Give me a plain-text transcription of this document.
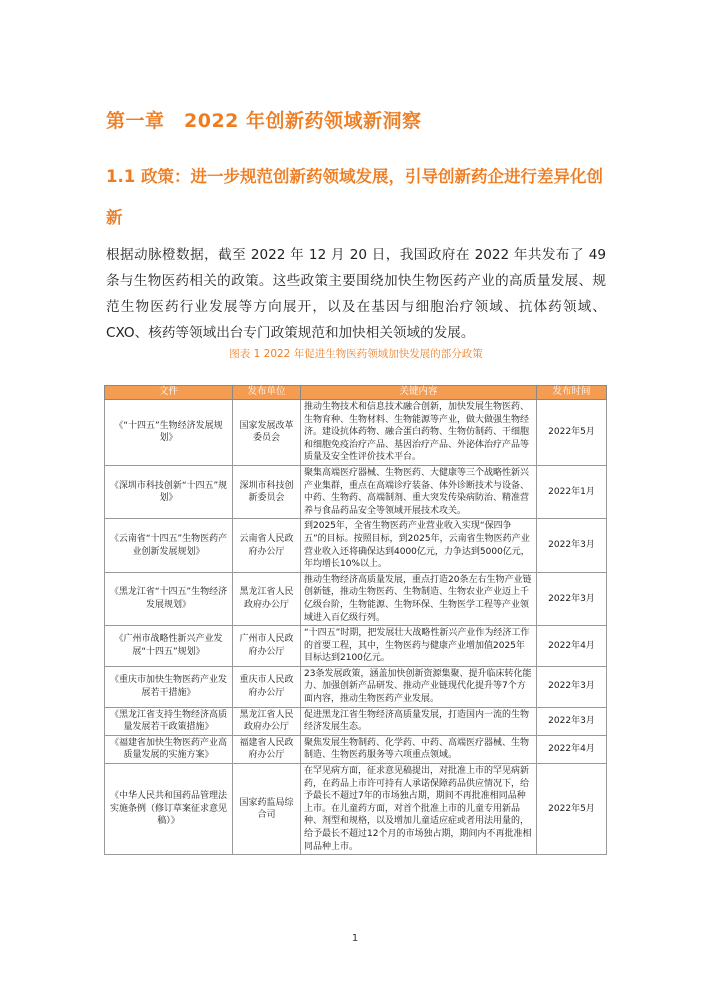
第一章　2022 年创新药领域新洞察
1.1 政策：进一步规范创新药领域发展，引导创新药企进行差异化创新
根据动脉橙数据，截至 2022 年 12 月 20 日，我国政府在 2022 年共发布了 49 条与生物医药相关的政策。这些政策主要围绕加快生物医药产业的高质量发展、规范生物医药行业发展等方向展开，以及在基因与细胞治疗领域、抗体药领域、CXO、核药等领域出台专门政策规范和加快相关领域的发展。
图表 1 2022 年促进生物医药领域加快发展的部分政策
文件	发布单位	关键内容	发布时间
《“十四五”生物经济发展规划》	国家发展改革委员会	推动生物技术和信息技术融合创新，加快发展生物医药、生物育种、生物材料、生物能源等产业，做大做强生物经济。建设抗体药物、融合蛋白药物、生物仿制药、干细胞和细胞免疫治疗产品、基因治疗产品、外泌体治疗产品等质量及安全性评价技术平台。	2022年5月
《深圳市科技创新“十四五”规划》	深圳市科技创新委员会	聚集高端医疗器械、生物医药、大健康等三个战略性新兴产业集群，重点在高端诊疗装备、体外诊断技术与设备、中药、生物药、高端制剂、重大突发传染病防治、精准营养与食品药品安全等领域开展技术攻关。	2022年1月
《云南省“十四五”生物医药产业创新发展规划》	云南省人民政府办公厅	到2025年，全省生物医药产业营业收入实现“保四争五”的目标。按照目标，到2025年，云南省生物医药产业营业收入还将确保达到4000亿元，力争达到5000亿元，年均增长10%以上。	2022年3月
《黑龙江省“十四五”生物经济发展规划》	黑龙江省人民政府办公厅	推动生物经济高质量发展，重点打造20条左右生物产业链创新链，推动生物医药、生物制造、生物农业产业迈上千亿级台阶，生物能源、生物环保、生物医学工程等产业领域进入百亿级行列。	2022年3月
《广州市战略性新兴产业发展“十四五”规划》	广州市人民政府办公厅	“十四五”时期，把发展壮大战略性新兴产业作为经济工作的首要工程，其中，生物医药与健康产业增加值2025年目标达到2100亿元。	2022年4月
《重庆市加快生物医药产业发展若干措施》	重庆市人民政府办公厅	23条发展政策，涵盖加快创新资源集聚、提升临床转化能力、加强创新产品研发、推动产业链现代化提升等7个方面内容，推动生物医药产业发展。	2022年3月
《黑龙江省支持生物经济高质量发展若干政策措施》	黑龙江省人民政府办公厅	促进黑龙江省生物经济高质量发展，打造国内一流的生物经济发展生态。	2022年3月
《福建省加快生物医药产业高质量发展的实施方案》	福建省人民政府办公厅	聚焦发展生物制药、化学药、中药、高端医疗器械、生物制造、生物医药服务等六项重点领域。	2022年4月
《中华人民共和国药品管理法实施条例（修订草案征求意见稿）》	国家药监局综合司	在罕见病方面，征求意见稿提出，对批准上市的罕见病新药，在药品上市许可持有人承诺保障药品供应情况下，给予最长不超过7年的市场独占期，期间不再批准相同品种上市。在儿童药方面，对首个批准上市的儿童专用新品种、剂型和规格，以及增加儿童适应症或者用法用量的，给予最长不超过12个月的市场独占期，期间内不再批准相同品种上市。	2022年5月
1
